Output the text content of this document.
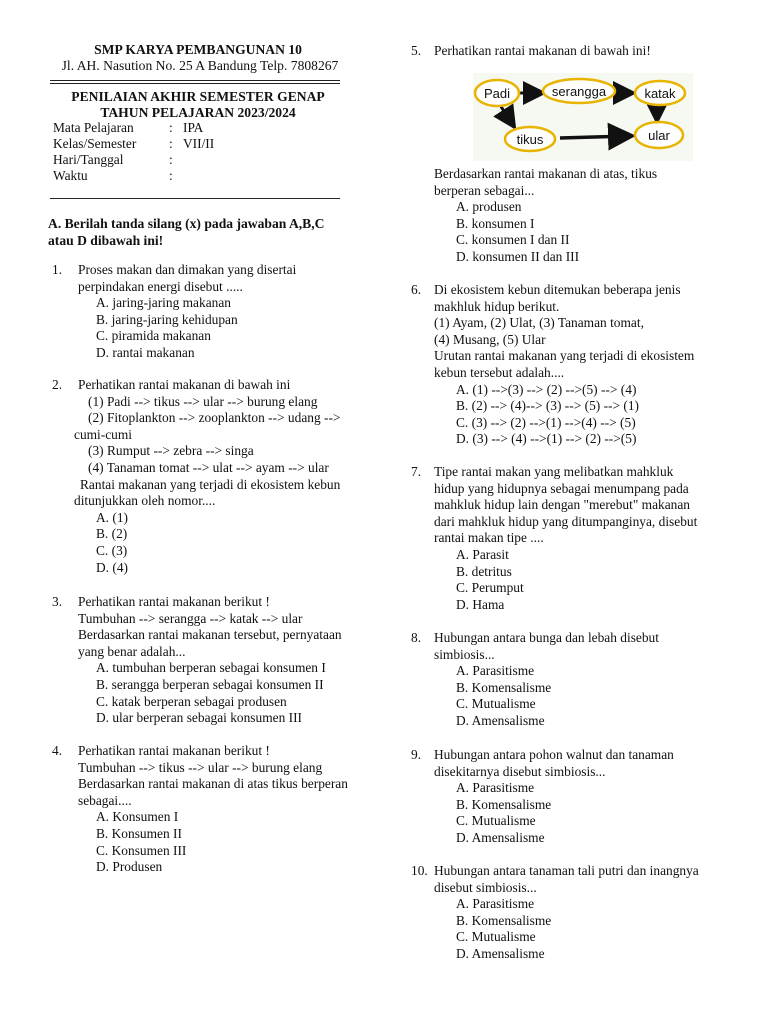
SMP KARYA PEMBANGUNAN 10
Jl. AH. Nasution No. 25 A Bandung Telp. 7808267
PENILAIAN AKHIR SEMESTER GENAP
TAHUN PELAJARAN 2023/2024
Mata Pelajaran	: IPA
Kelas/Semester : VII/II
Hari/Tanggal	:
Waktu	:
A. Berilah tanda silang (x) pada jawaban A,B,C atau D dibawah ini!
1. Proses makan dan dimakan yang disertai
perpindakan energi disebut .....
A. jaring-jaring makanan
B. jaring-jaring kehidupan
C. piramida makanan
D. rantai makanan
2. Perhatikan rantai makanan di bawah ini
(1) Padi --> tikus --> ular --> burung elang
(2) Fitoplankton --> zooplankton --> udang -->
cumi-cumi
(3) Rumput --> zebra --> singa
(4) Tanaman tomat --> ulat --> ayam --> ular
Rantai makanan yang terjadi di ekosistem kebun
ditunjukkan oleh nomor....
A. (1)
B. (2)
C. (3)
D. (4)
3. Perhatikan rantai makanan berikut !
Tumbuhan --> serangga --> katak --> ular
Berdasarkan rantai makanan tersebut, pernyataan
yang benar adalah...
A. tumbuhan berperan sebagai konsumen I
B. serangga berperan sebagai konsumen II
C. katak berperan sebagai produsen
D. ular berperan sebagai konsumen III
4. Perhatikan rantai makanan berikut !
Tumbuhan --> tikus --> ular --> burung elang
Berdasarkan rantai makanan di atas tikus berperan
sebagai....
A. Konsumen I
B. Konsumen II
C. Konsumen III
D. Produsen
5. Perhatikan rantai makanan di bawah ini!
Padi	serangga	katak
tikus	ular
Berdasarkan rantai makanan di atas, tikus
berperan sebagai...
A. produsen
B. konsumen I
C. konsumen I dan II
D. konsumen II dan III
6. Di ekosistem kebun ditemukan beberapa jenis
makhluk hidup berikut.
(1) Ayam, (2) Ulat, (3) Tanaman tomat,
(4) Musang, (5) Ular
Urutan rantai makanan yang terjadi di ekosistem
kebun tersebut adalah....
A. (1) -->(3) --> (2) -->(5) --> (4)
B. (2) --> (4)--> (3) --> (5) --> (1)
C. (3) --> (2) -->(1) -->(4) --> (5)
D. (3) --> (4) -->(1) --> (2) -->(5)
7. Tipe rantai makan yang melibatkan mahkluk
hidup yang hidupnya sebagai menumpang pada
mahkluk hidup lain dengan "merebut" makanan
dari mahkluk hidup yang ditumpanginya, disebut
rantai makan tipe ....
A. Parasit
B. detritus
C. Perumput
D. Hama
8. Hubungan antara bunga dan lebah disebut
simbiosis...
A. Parasitisme
B. Komensalisme
C. Mutualisme
D. Amensalisme
9. Hubungan antara pohon walnut dan tanaman
disekitarnya disebut simbiosis...
A. Parasitisme
B. Komensalisme
C. Mutualisme
D. Amensalisme
10. Hubungan antara tanaman tali putri dan inangnya
disebut simbiosis...
A. Parasitisme
B. Komensalisme
C. Mutualisme
D. Amensalisme
